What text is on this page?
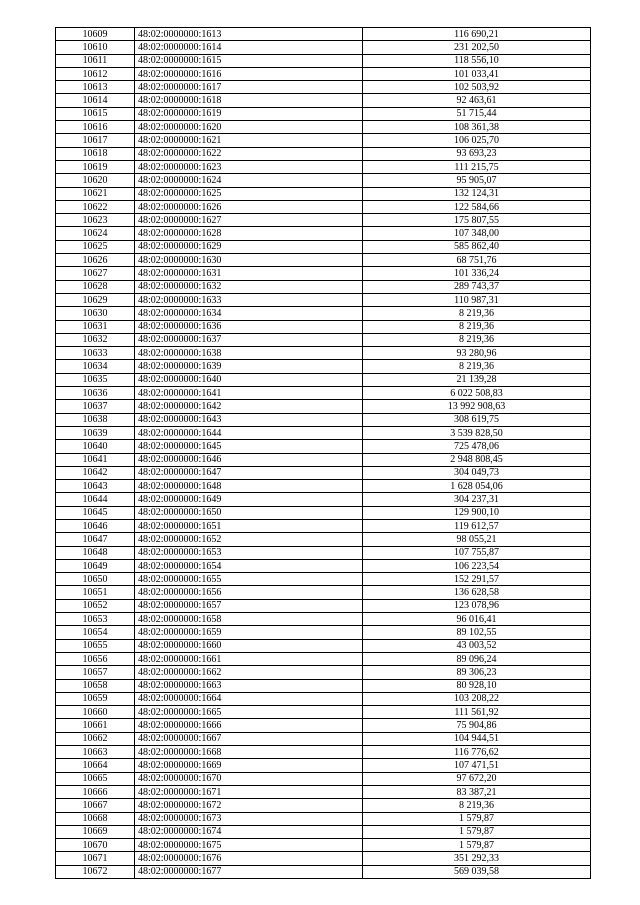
10609	48:02:0000000:1613	116 690,21
10610	48:02:0000000:1614	231 202,50
10611	48:02:0000000:1615	118 556,10
10612	48:02:0000000:1616	101 033,41
10613	48:02:0000000:1617	102 503,92
10614	48:02:0000000:1618	92 463,61
10615	48:02:0000000:1619	51 715,44
10616	48:02:0000000:1620	108 361,38
10617	48:02:0000000:1621	106 025,70
10618	48:02:0000000:1622	93 693,23
10619	48:02:0000000:1623	111 215,75
10620	48:02:0000000:1624	95 905,07
10621	48:02:0000000:1625	132 124,31
10622	48:02:0000000:1626	122 584,66
10623	48:02:0000000:1627	175 807,55
10624	48:02:0000000:1628	107 348,00
10625	48:02:0000000:1629	585 862,40
10626	48:02:0000000:1630	68 751,76
10627	48:02:0000000:1631	101 336,24
10628	48:02:0000000:1632	289 743,37
10629	48:02:0000000:1633	110 987,31
10630	48:02:0000000:1634	8 219,36
10631	48:02:0000000:1636	8 219,36
10632	48:02:0000000:1637	8 219,36
10633	48:02:0000000:1638	93 280,96
10634	48:02:0000000:1639	8 219,36
10635	48:02:0000000:1640	21 139,28
10636	48:02:0000000:1641	6 022 508,83
10637	48:02:0000000:1642	13 992 908,63
10638	48:02:0000000:1643	308 619,75
10639	48:02:0000000:1644	3 539 828,50
10640	48:02:0000000:1645	725 478,06
10641	48:02:0000000:1646	2 948 808,45
10642	48:02:0000000:1647	304 049,73
10643	48:02:0000000:1648	1 628 054,06
10644	48:02:0000000:1649	304 237,31
10645	48:02:0000000:1650	129 900,10
10646	48:02:0000000:1651	119 612,57
10647	48:02:0000000:1652	98 055,21
10648	48:02:0000000:1653	107 755,87
10649	48:02:0000000:1654	106 223,54
10650	48:02:0000000:1655	152 291,57
10651	48:02:0000000:1656	136 628,58
10652	48:02:0000000:1657	123 078,96
10653	48:02:0000000:1658	96 016,41
10654	48:02:0000000:1659	89 102,55
10655	48:02:0000000:1660	43 003,52
10656	48:02:0000000:1661	89 096,24
10657	48:02:0000000:1662	89 306,23
10658	48:02:0000000:1663	80 928,10
10659	48:02:0000000:1664	103 208,22
10660	48:02:0000000:1665	111 561,92
10661	48:02:0000000:1666	75 904,86
10662	48:02:0000000:1667	104 944,51
10663	48:02:0000000:1668	116 776,62
10664	48:02:0000000:1669	107 471,51
10665	48:02:0000000:1670	97 672,20
10666	48:02:0000000:1671	83 387,21
10667	48:02:0000000:1672	8 219,36
10668	48:02:0000000:1673	1 579,87
10669	48:02:0000000:1674	1 579,87
10670	48:02:0000000:1675	1 579,87
10671	48:02:0000000:1676	351 292,33
10672	48:02:0000000:1677	569 039,58
